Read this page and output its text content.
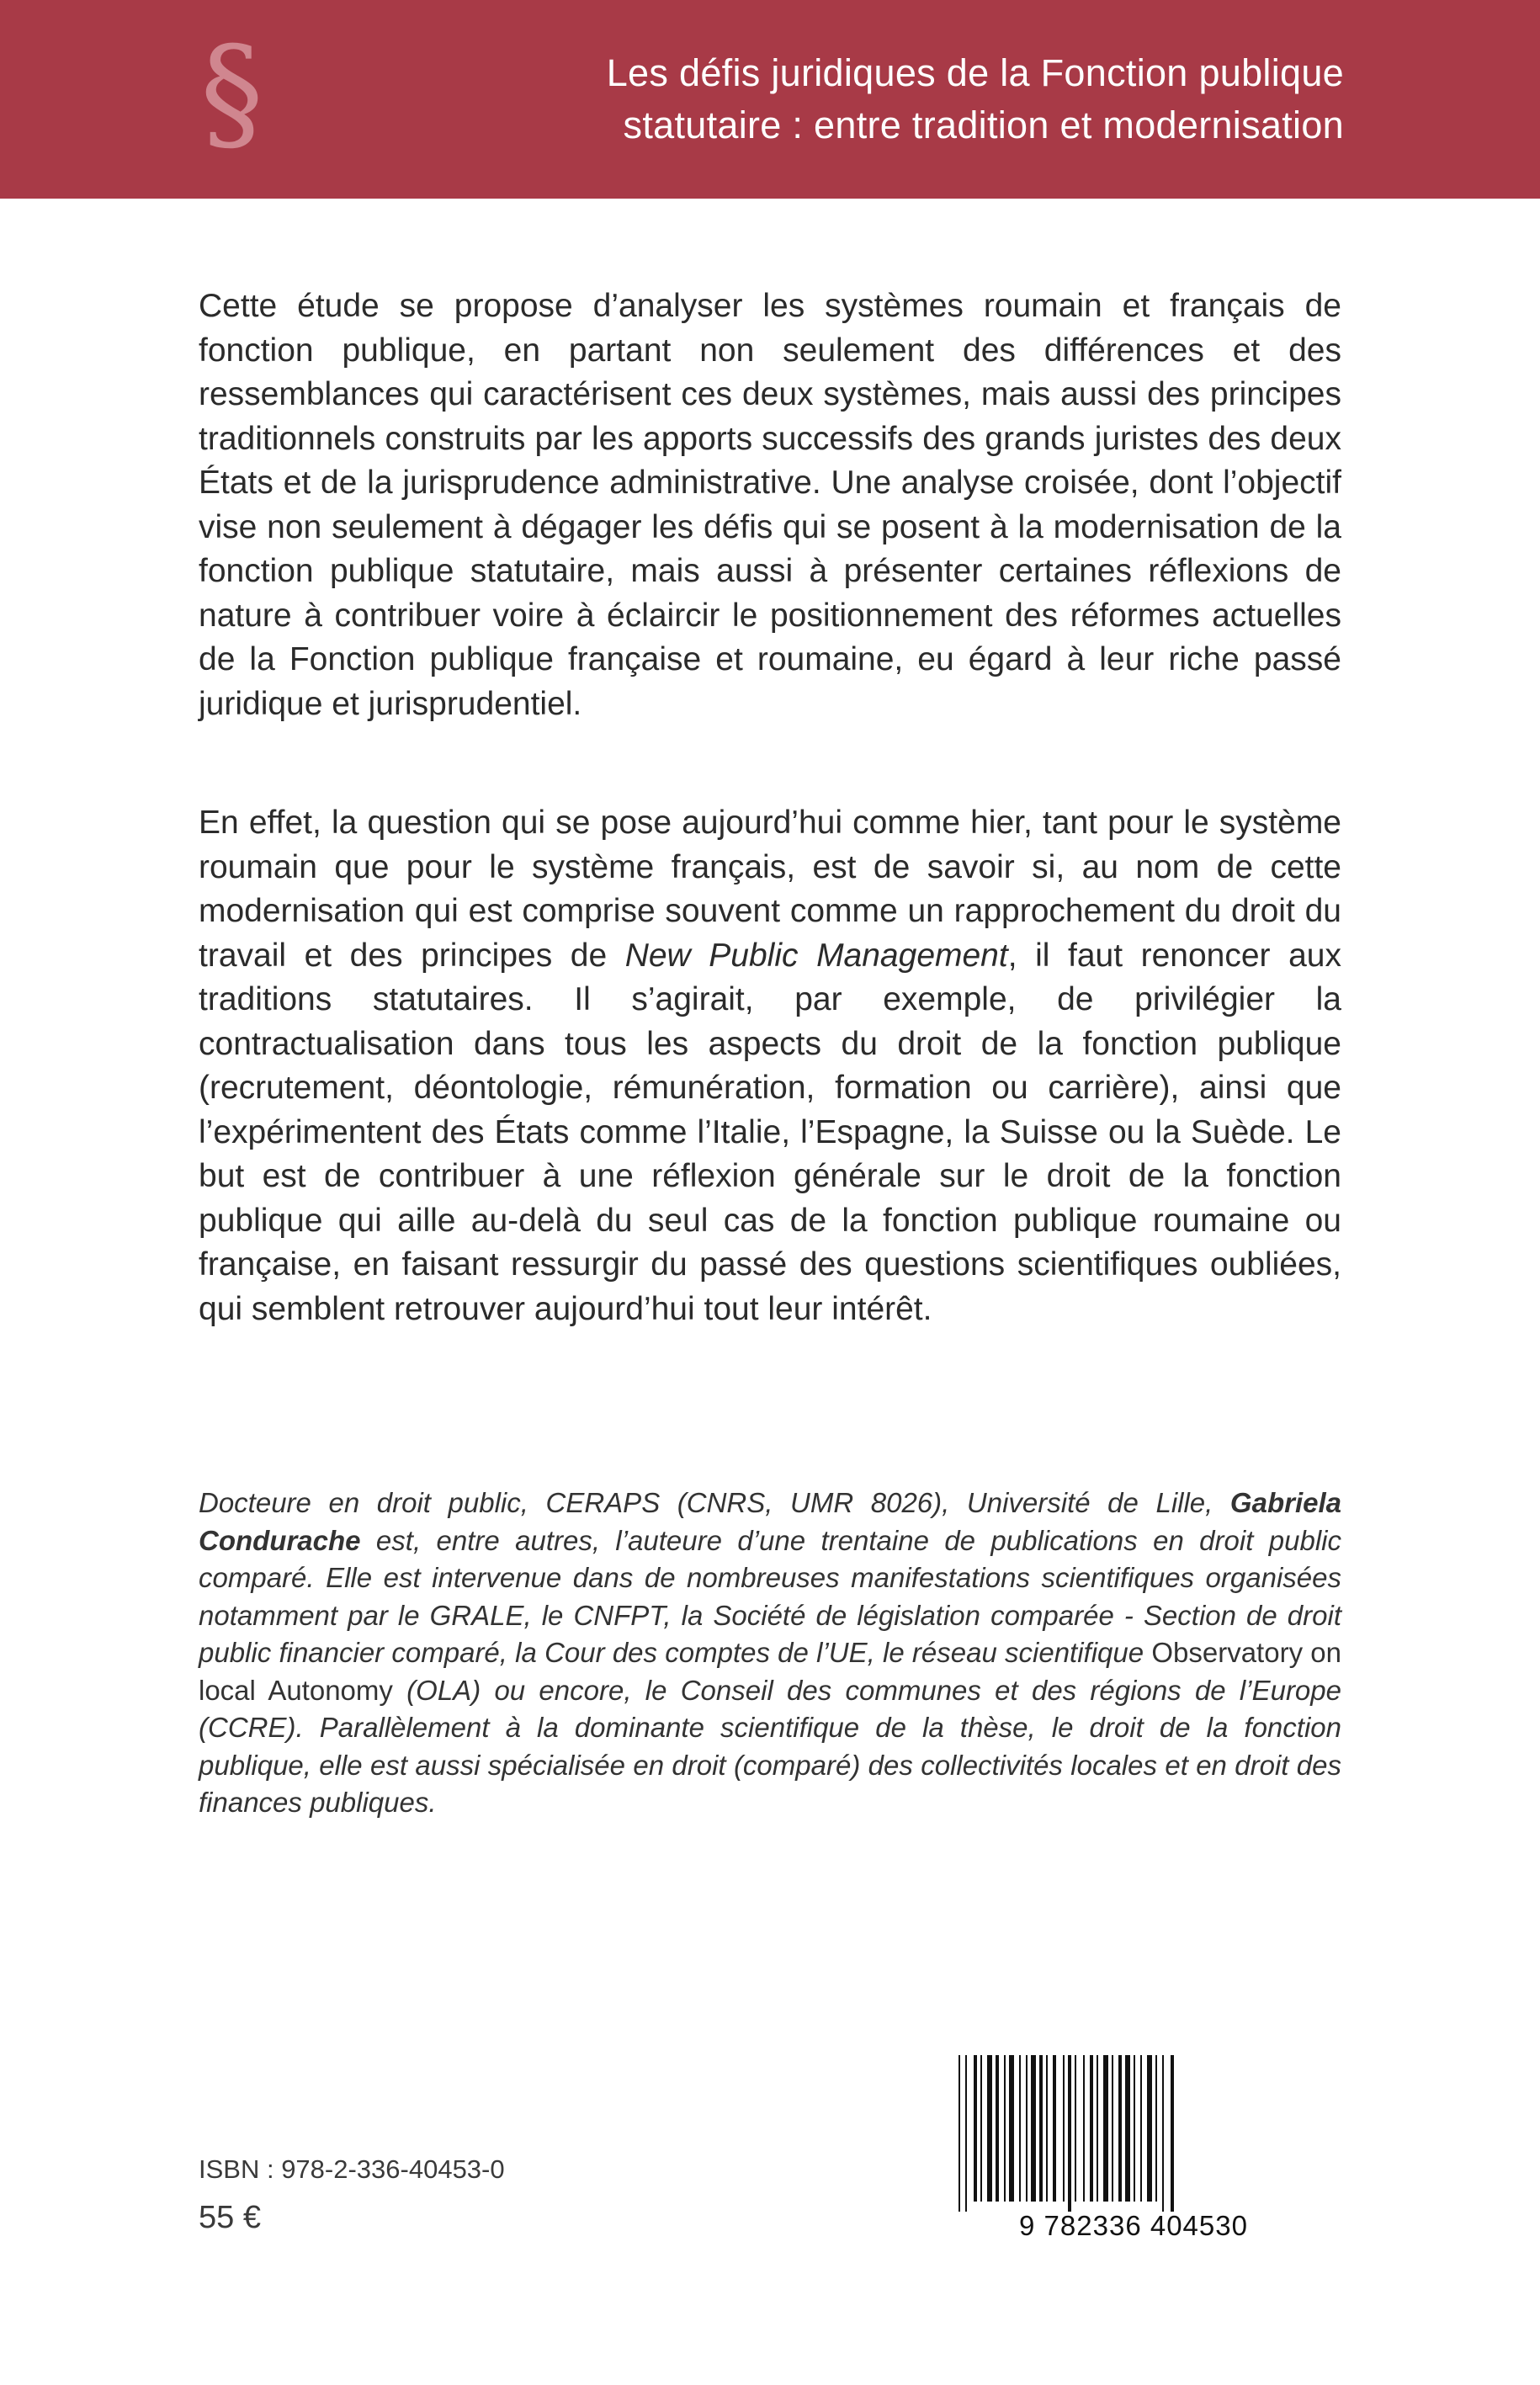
§	Les défis juridiques de la Fonction publique
statutaire : entre tradition et modernisation

Cette étude se propose d’analyser les systèmes roumain et français de fonction publique, en partant non seulement des différences et des ressemblances qui caractérisent ces deux systèmes, mais aussi des principes traditionnels construits par les apports successifs des grands juristes des deux États et de la jurisprudence administrative. Une analyse croisée, dont l’objectif vise non seulement à dégager les défis qui se posent à la modernisation de la fonction publique statutaire, mais aussi à présenter certaines réflexions de nature à contribuer voire à éclaircir le positionnement des réformes actuelles de la Fonction publique française et roumaine, eu égard à leur riche passé juridique et jurisprudentiel.

En effet, la question qui se pose aujourd’hui comme hier, tant pour le système roumain que pour le système français, est de savoir si, au nom de cette modernisation qui est comprise souvent comme un rapprochement du droit du travail et des principes de New Public Management, il faut renoncer aux traditions statutaires. Il s’agirait, par exemple, de privilégier la contractualisation dans tous les aspects du droit de la fonction publique (recrutement, déontologie, rémunération, formation ou carrière), ainsi que l’expérimentent des États comme l’Italie, l’Espagne, la Suisse ou la Suède. Le but est de contribuer à une réflexion générale sur le droit de la fonction publique qui aille au-delà du seul cas de la fonction publique roumaine ou française, en faisant ressurgir du passé des questions scientifiques oubliées, qui semblent retrouver aujourd’hui tout leur intérêt.

Docteure en droit public, CERAPS (CNRS, UMR 8026), Université de Lille, Gabriela Condurache est, entre autres, l’auteure d’une trentaine de publications en droit public comparé. Elle est intervenue dans de nombreuses manifestations scientifiques organisées notamment par le GRALE, le CNFPT, la Société de législation comparée - Section de droit public financier comparé, la Cour des comptes de l’UE, le réseau scientifique Observatory on local Autonomy (OLA) ou encore, le Conseil des communes et des régions de l’Europe (CCRE). Parallèlement à la dominante scientifique de la thèse, le droit de la fonction publique, elle est aussi spécialisée en droit (comparé) des collectivités locales et en droit des finances publiques.

ISBN : 978-2-336-40453-0
55 €	9 782336 404530
